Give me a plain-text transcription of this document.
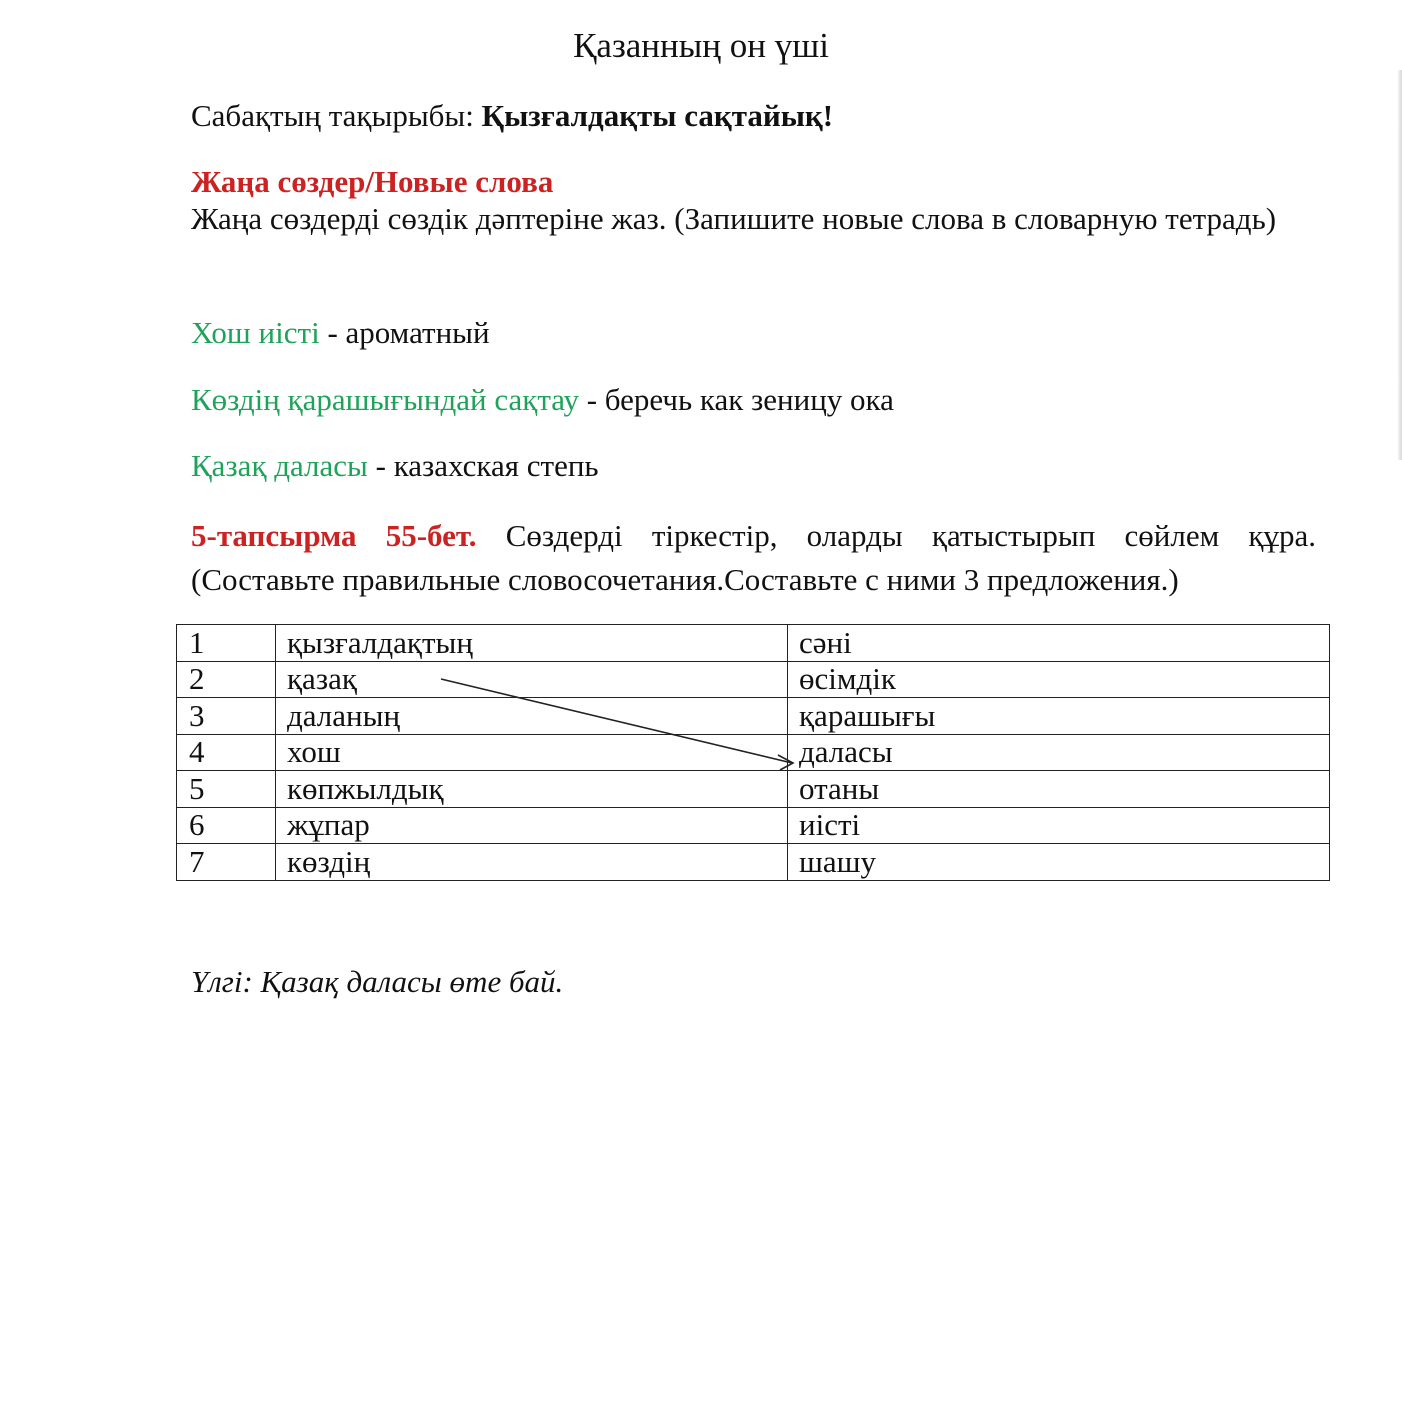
Қазанның он үші
Сабақтың тақырыбы: Қызғалдақты сақтайық!
Жаңа сөздер/Новые слова
Жаңа сөздерді сөздік дәптеріне жаз. (Запишите новые слова в словарную тетрадь)
Хош иісті - ароматный
Көздің қарашығындай сақтау - беречь как зеницу ока
Қазақ даласы - казахская степь
5-тапсырма 55-бет. Сөздерді тіркестір, оларды қатыстырып сөйлем құра. (Составьте правильные словосочетания.Составьте с ними 3 предложения.)
1	қызғалдақтың	сәні
2	қазақ	өсімдік
3	даланың	қарашығы
4	хош	даласы
5	көпжылдық	отаны
6	жұпар	иісті
7	көздің	шашу
Үлгі: Қазақ даласы өте бай.
